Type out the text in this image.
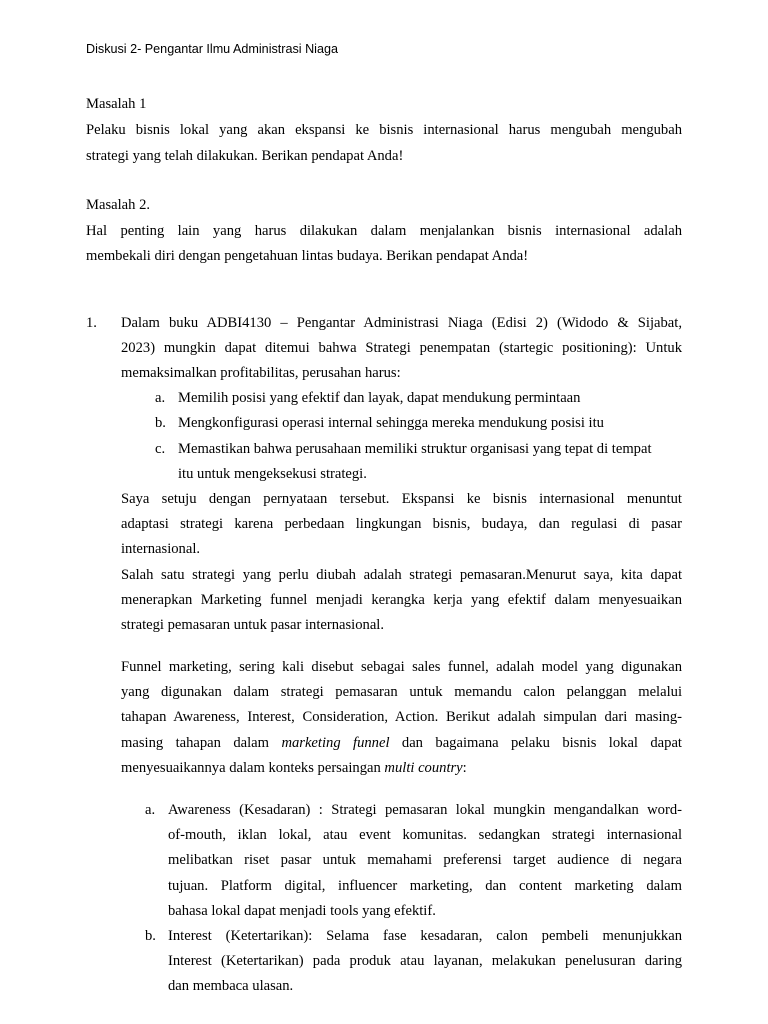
Diskusi 2- Pengantar Ilmu Administrasi Niaga
Masalah 1
Pelaku bisnis lokal yang akan ekspansi ke bisnis internasional harus mengubah mengubah
strategi yang telah dilakukan. Berikan pendapat Anda!
Masalah 2.
Hal penting lain yang harus dilakukan dalam menjalankan bisnis internasional adalah
membekali diri dengan pengetahuan lintas budaya. Berikan pendapat Anda!
1. Dalam buku ADBI4130 – Pengantar Administrasi Niaga (Edisi 2) (Widodo & Sijabat,
2023) mungkin dapat ditemui bahwa Strategi penempatan (startegic positioning): Untuk
memaksimalkan profitabilitas, perusahan harus:
a. Memilih posisi yang efektif dan layak, dapat mendukung permintaan
b. Mengkonfigurasi operasi internal sehingga mereka mendukung posisi itu
c. Memastikan bahwa perusahaan memiliki struktur organisasi yang tepat di tempat
itu untuk mengeksekusi strategi.
Saya setuju dengan pernyataan tersebut. Ekspansi ke bisnis internasional menuntut
adaptasi strategi karena perbedaan lingkungan bisnis, budaya, dan regulasi di pasar
internasional.
Salah satu strategi yang perlu diubah adalah strategi pemasaran.Menurut saya, kita dapat
menerapkan Marketing funnel menjadi kerangka kerja yang efektif dalam menyesuaikan
strategi pemasaran untuk pasar internasional.
Funnel marketing, sering kali disebut sebagai sales funnel, adalah model yang digunakan
yang digunakan dalam strategi pemasaran untuk memandu calon pelanggan melalui
tahapan Awareness, Interest, Consideration, Action. Berikut adalah simpulan dari masing-
masing tahapan dalam marketing funnel dan bagaimana pelaku bisnis lokal dapat
menyesuaikannya dalam konteks persaingan multi country:
a. Awareness (Kesadaran) : Strategi pemasaran lokal mungkin mengandalkan word-
of-mouth, iklan lokal, atau event komunitas. sedangkan strategi internasional
melibatkan riset pasar untuk memahami preferensi target audience di negara
tujuan. Platform digital, influencer marketing, dan content marketing dalam
bahasa lokal dapat menjadi tools yang efektif.
b. Interest (Ketertarikan): Selama fase kesadaran, calon pembeli menunjukkan
Interest (Ketertarikan) pada produk atau layanan, melakukan penelusuran daring
dan membaca ulasan.
